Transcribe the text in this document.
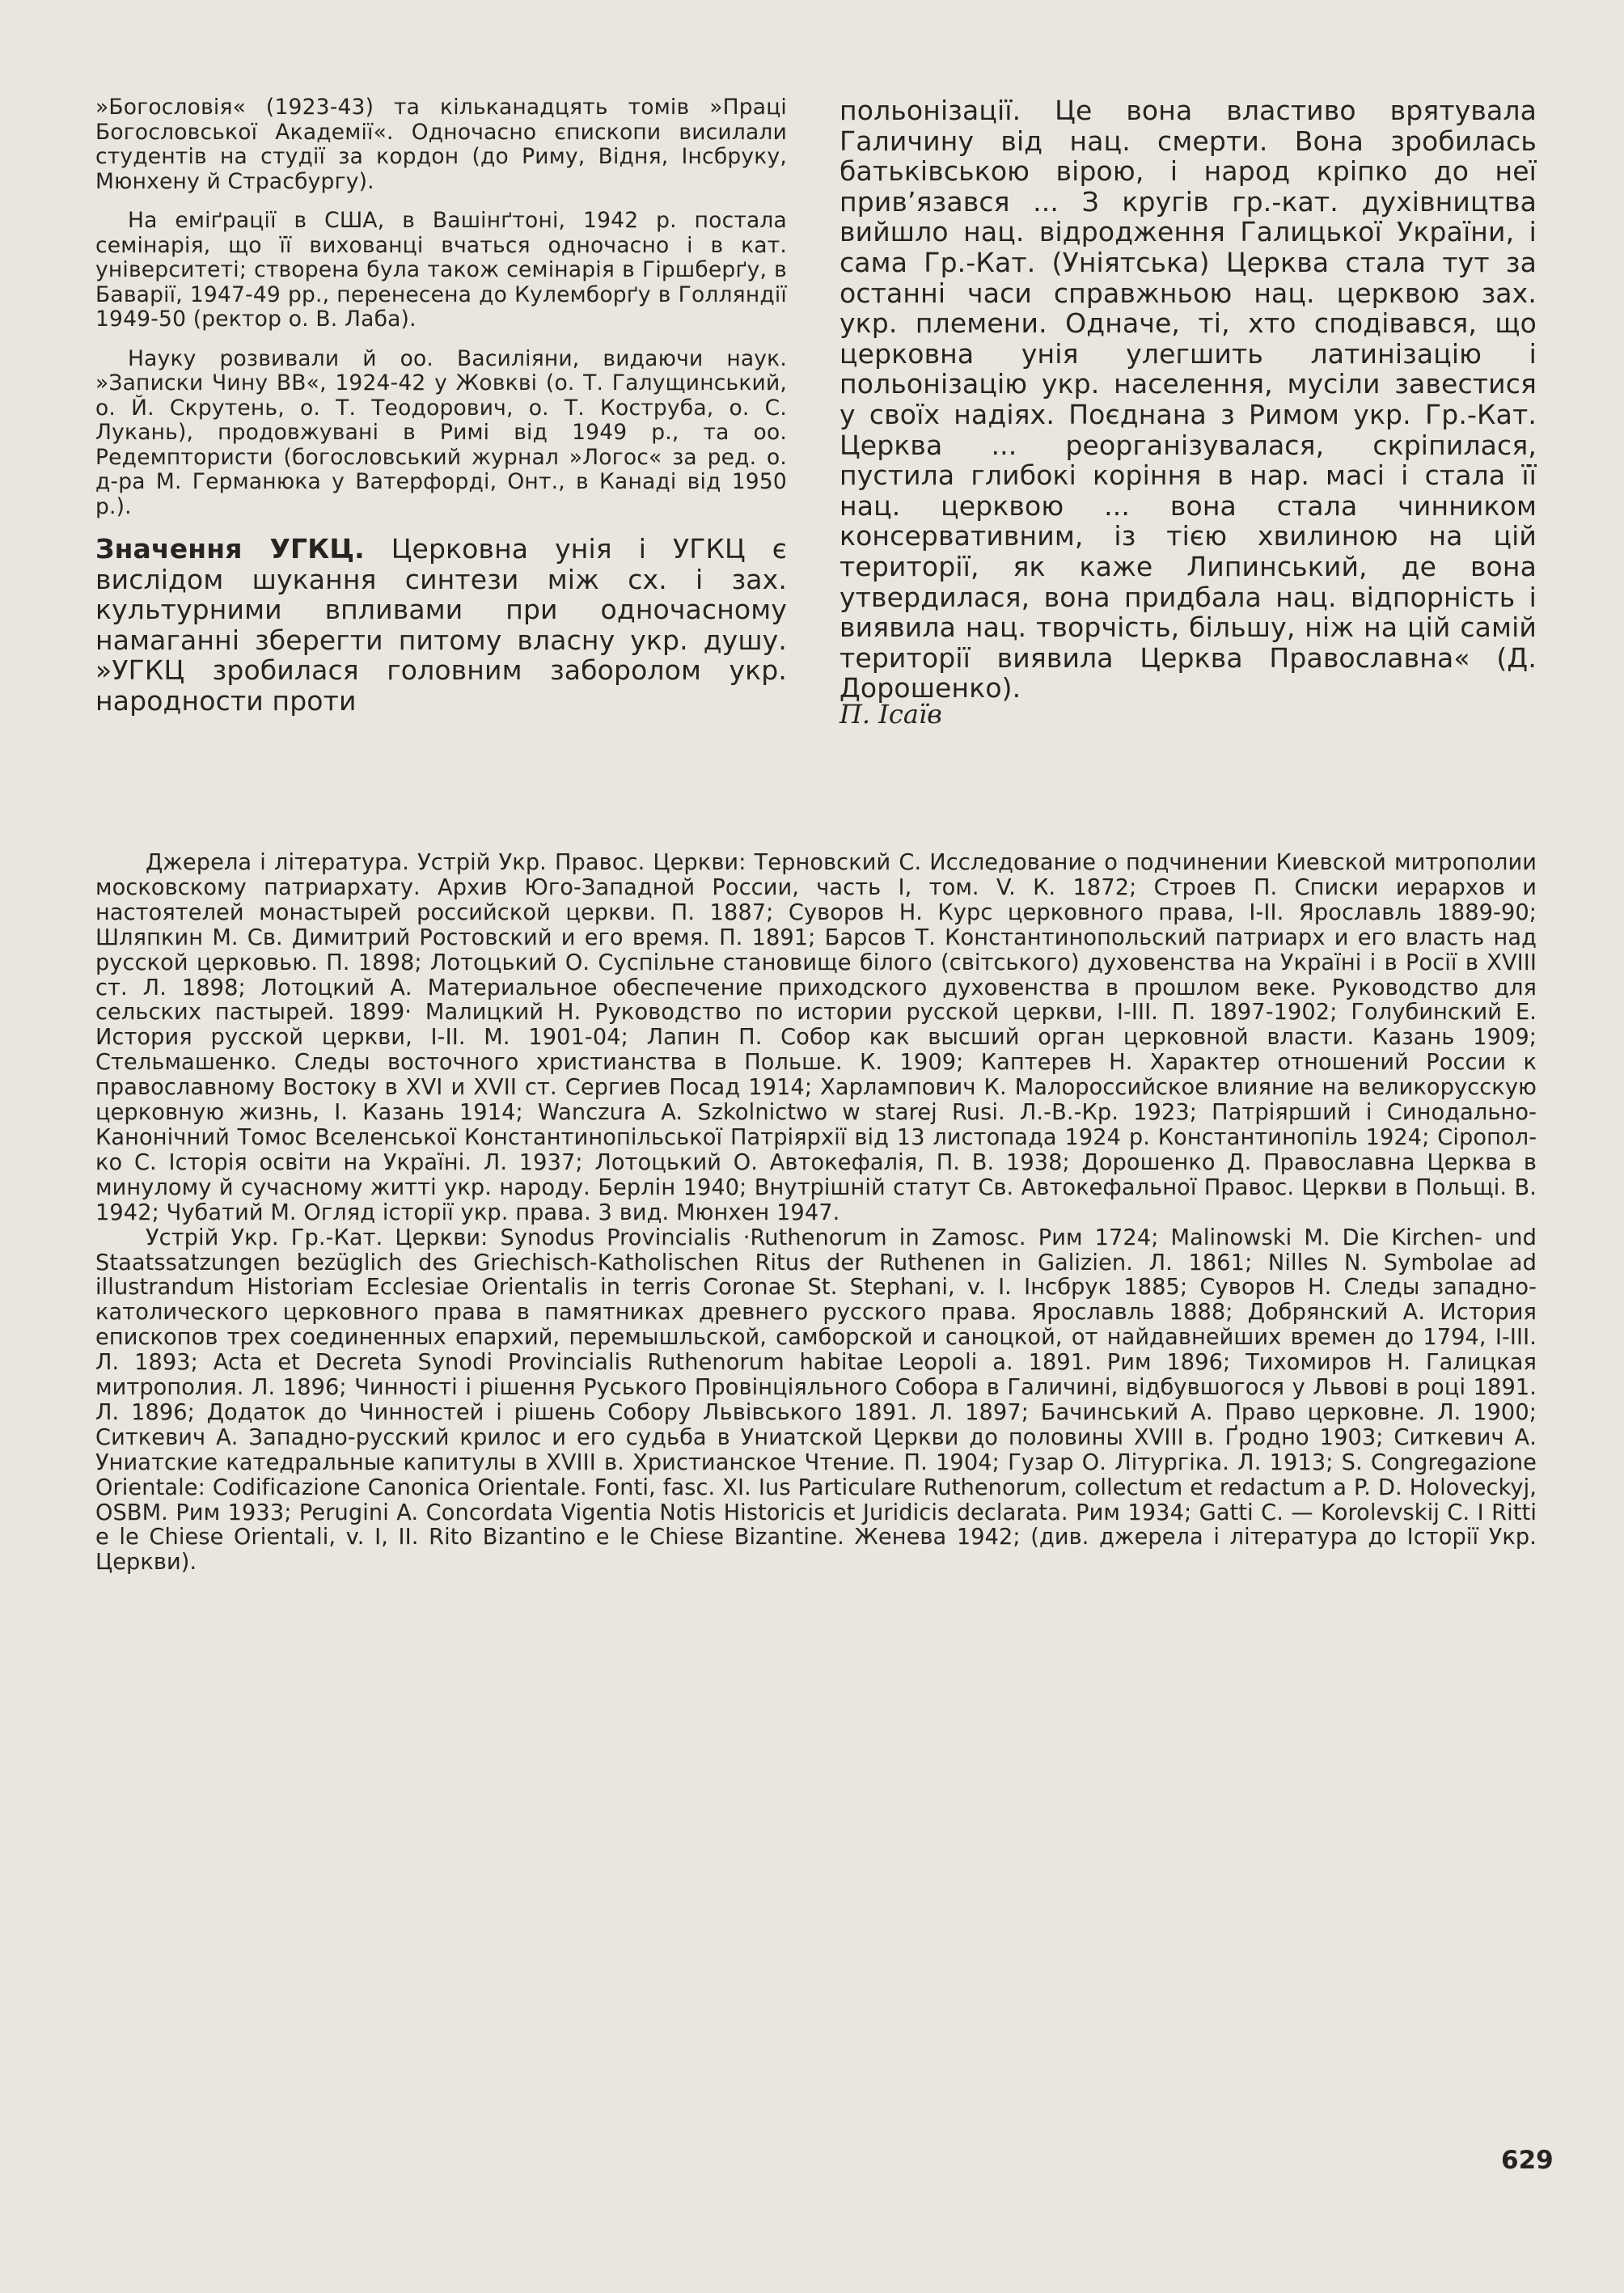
»Богословія« (1923-43) та кільканадцять томів »Праці Богословської Академії«. Одночасно єпископи висилали студентів на студії за кордон (до Риму, Відня, Інсбруку, Мюнхену й Страсбургу).

На еміґрації в США, в Вашінґтоні, 1942 р. постала семінарія, що її вихованці вчаться одночасно і в кат. університеті; створена була також семінарія в Гіршберґу, в Баварії, 1947-49 рр., перенесена до Кулемборґу в Голляндії 1949-50 (ректор о. В. Лаба).

Науку розвивали й оо. Василіяни, видаючи наук. »Записки Чину ВВ«, 1924-42 у Жовкві (о. Т. Галущинський, о. Й. Скрутень, о. Т. Теодорович, о. Т. Коструба, о. С. Лукань), продовжувані в Римі від 1949 р., та оо. Редемптористи (богословський журнал »Логос« за ред. о. д-ра М. Германюка у Ватерфорді, Онт., в Канаді від 1950 р.).

Значення УГКЦ. Церковна унія і УГКЦ є вислідом шукання синтези між сх. і зах. культурними впливами при одночасному намаганні зберегти питому власну укр. душу. »УГКЦ зробилася головним заборолом укр. народности проти

польонізації. Це вона властиво врятувала Галичину від нац. смерти. Вона зробилась батьківською вірою, і народ кріпко до неї прив’язався ... З кругів гр.-кат. духівництва вийшло нац. відродження Галицької України, і сама Гр.-Кат. (Уніятська) Церква стала тут за останні часи справжньою нац. церквою зах. укр. племени. Одначе, ті, хто сподівався, що церковна унія улегшить латинізацію і польонізацію укр. населення, мусіли завестися у своїх надіях. Поєднана з Римом укр. Гр.-Кат. Церква ... реорганізувалася, скріпилася, пустила глибокі коріння в нар. масі і стала її нац. церквою ... вона стала чинником консервативним, із тією хвилиною на цій території, як каже Липинський, де вона утвердилася, вона придбала нац. відпорність і виявила нац. творчість, більшу, ніж на цій самій території виявила Церква Православна« (Д. Дорошенко).

П. Ісаїв

Джерела і література. Устрій Укр. Правос. Церкви: Терновский С. Исследование о подчинении Киевской митрополии московскому патриархату. Архив Юго-Западной России, часть I, том. V. К. 1872; Строев П. Списки иерархов и настоятелей монастырей российской церкви. П. 1887; Суворов Н. Курс церковного права, I-II. Ярославль 1889-90; Шляпкин М. Св. Димитрий Ростовский и его время. П. 1891; Барсов Т. Константинопольский патриарх и его власть над русской церковью. П. 1898; Лотоцький О. Суспільне становище білого (світського) духовенства на Україні і в Росії в XVIII ст. Л. 1898; Лотоцкий А. Материальное обеспечение приходского духовенства в прошлом веке. Руководство для сельских пастырей. 1899· Малицкий Н. Руководство по истории русской церкви, I-III. П. 1897-1902; Голубинский Е. История русской церкви, I-II. М. 1901-04; Лапин П. Собор как высший орган церковной власти. Казань 1909; Стельмашенко. Следы восточного христианства в Польше. К. 1909; Каптерев Н. Характер отношений России к православному Востоку в XVI и XVII ст. Сергиев Посад 1914; Харлампович К. Малороссийское влияние на великорусскую церковную жизнь, I. Казань 1914; Wanczura A. Szkolnictwo w starej Rusi. Л.-В.-Кр. 1923; Патріярший і Синодально-Канонічний Томос Вселенської Константинопільської Патріярхії від 13 листопада 1924 р. Константинопіль 1924; Сірополко С. Історія освіти на Україні. Л. 1937; Лотоцький О. Автокефалія, П. В. 1938; Дорошенко Д. Православна Церква в минулому й сучасному житті укр. народу. Берлін 1940; Внутрішній статут Св. Автокефальної Правос. Церкви в Польщі. В. 1942; Чубатий М. Огляд історії укр. права. 3 вид. Мюнхен 1947.

Устрій Укр. Гр.-Кат. Церкви: Synodus Provincialis ·Ruthenorum in Zamosc. Рим 1724; Malinowski M. Die Kirchen- und Staatssatzungen bezüglich des Griechisch-Katholischen Ritus der Ruthenen in Galizien. Л. 1861; Nilles N. Symbolae ad illustrandum Historiam Ecclesiae Orientalis in terris Coronae St. Stephani, v. I. Інсбрук 1885; Суворов Н. Следы западно-католического церковного права в памятниках древнего русского права. Ярославль 1888; Добрянский А. История епископов трех соединенных епархий, перемышльской, самборской и саноцкой, от найдавнейших времен до 1794, I-III. Л. 1893; Acta et Decreta Synodi Provincialis Ruthenorum habitae Leopoli a. 1891. Рим 1896; Тихомиров Н. Галицкая митрополия. Л. 1896; Чинності і рішення Руського Провінціяльного Собора в Галичині, відбувшогося у Львові в році 1891. Л. 1896; Додаток до Чинностей і рішень Собору Львівського 1891. Л. 1897; Бачинський А. Право церковне. Л. 1900; Ситкевич А. Западно-русский крилос и его судьба в Униатской Церкви до половины XVIII в. Ґродно 1903; Ситкевич А. Униатские катедральные капитулы в XVIII в. Христианское Чтение. П. 1904; Гузар О. Літургіка. Л. 1913; S. Congregazione Orientale: Codificazione Canonica Orientale. Fonti, fasc. XI. Ius Particulare Ruthenorum, collectum et redactum a P. D. Holoveckyj, OSBM. Рим 1933; Perugini A. Concordata Vigentia Notis Historicis et Juridicis declarata. Рим 1934; Gatti C. — Korolevskij C. I Ritti e le Chiese Orientali, v. I, II. Rito Bizantino e le Chiese Bizantine. Женева 1942; (див. джерела і література до Історії Укр. Церкви).

629
